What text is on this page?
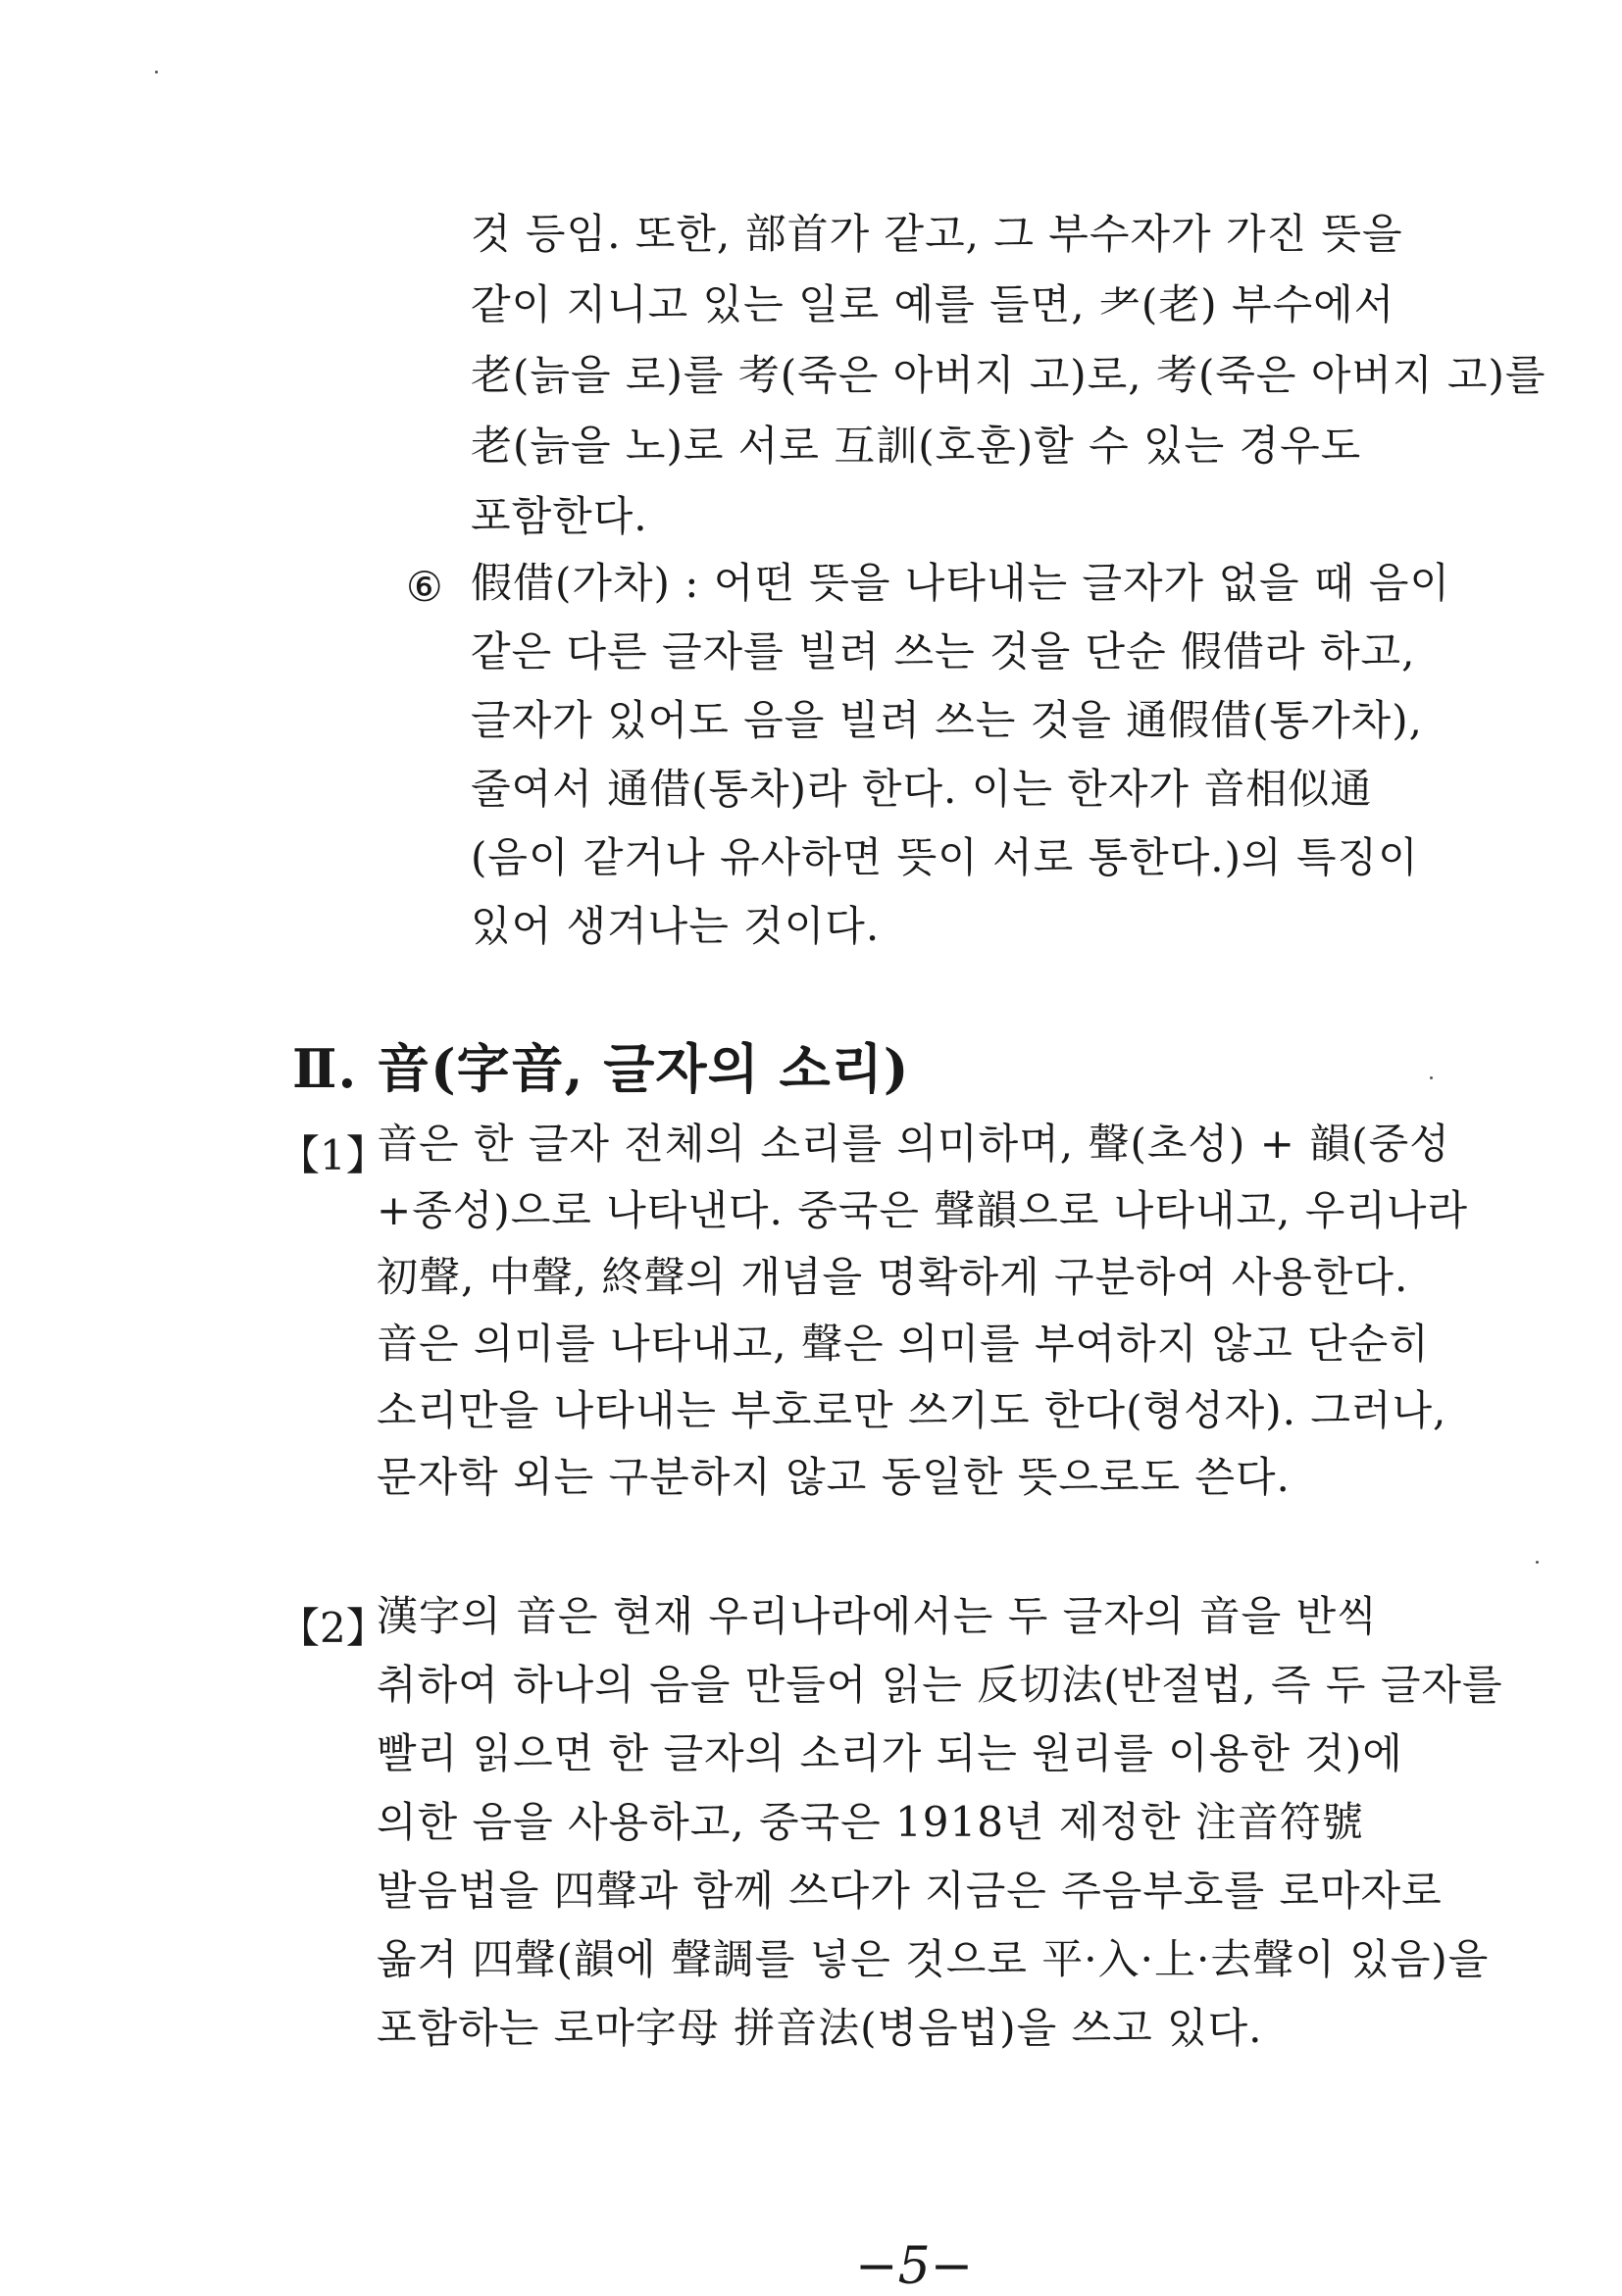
것 등임. 또한, 部首가 같고, 그 부수자가 가진 뜻을
같이 지니고 있는 일로 예를 들면, 耂(老) 부수에서
老(늙을 로)를 考(죽은 아버지 고)로, 考(죽은 아버지 고)를
老(늙을 노)로 서로 互訓(호훈)할 수 있는 경우도
포함한다.
⑥ 假借(가차) : 어떤 뜻을 나타내는 글자가 없을 때 음이
같은 다른 글자를 빌려 쓰는 것을 단순 假借라 하고,
글자가 있어도 음을 빌려 쓰는 것을 通假借(통가차),
줄여서 通借(통차)라 한다. 이는 한자가 音相似通
(음이 같거나 유사하면 뜻이 서로 통한다.)의 특징이
있어 생겨나는 것이다.
Ⅱ. 音(字音, 글자의 소리)
【1】
音은 한 글자 전체의 소리를 의미하며, 聲(초성) + 韻(중성
+종성)으로 나타낸다. 중국은 聲韻으로 나타내고, 우리나라
初聲, 中聲, 終聲의 개념을 명확하게 구분하여 사용한다.
音은 의미를 나타내고, 聲은 의미를 부여하지 않고 단순히
소리만을 나타내는 부호로만 쓰기도 한다(형성자). 그러나,
문자학 외는 구분하지 않고 동일한 뜻으로도 쓴다.
【2】
漢字의 音은 현재 우리나라에서는 두 글자의 音을 반씩
취하여 하나의 음을 만들어 읽는 反切法(반절법, 즉 두 글자를
빨리 읽으면 한 글자의 소리가 되는 원리를 이용한 것)에
의한 음을 사용하고, 중국은 1918년 제정한 注音符號
발음법을 四聲과 함께 쓰다가 지금은 주음부호를 로마자로
옮겨 四聲(韻에 聲調를 넣은 것으로 平·入·上·去聲이 있음)을
포함하는 로마字母 拼音法(병음법)을 쓰고 있다.
−5−
